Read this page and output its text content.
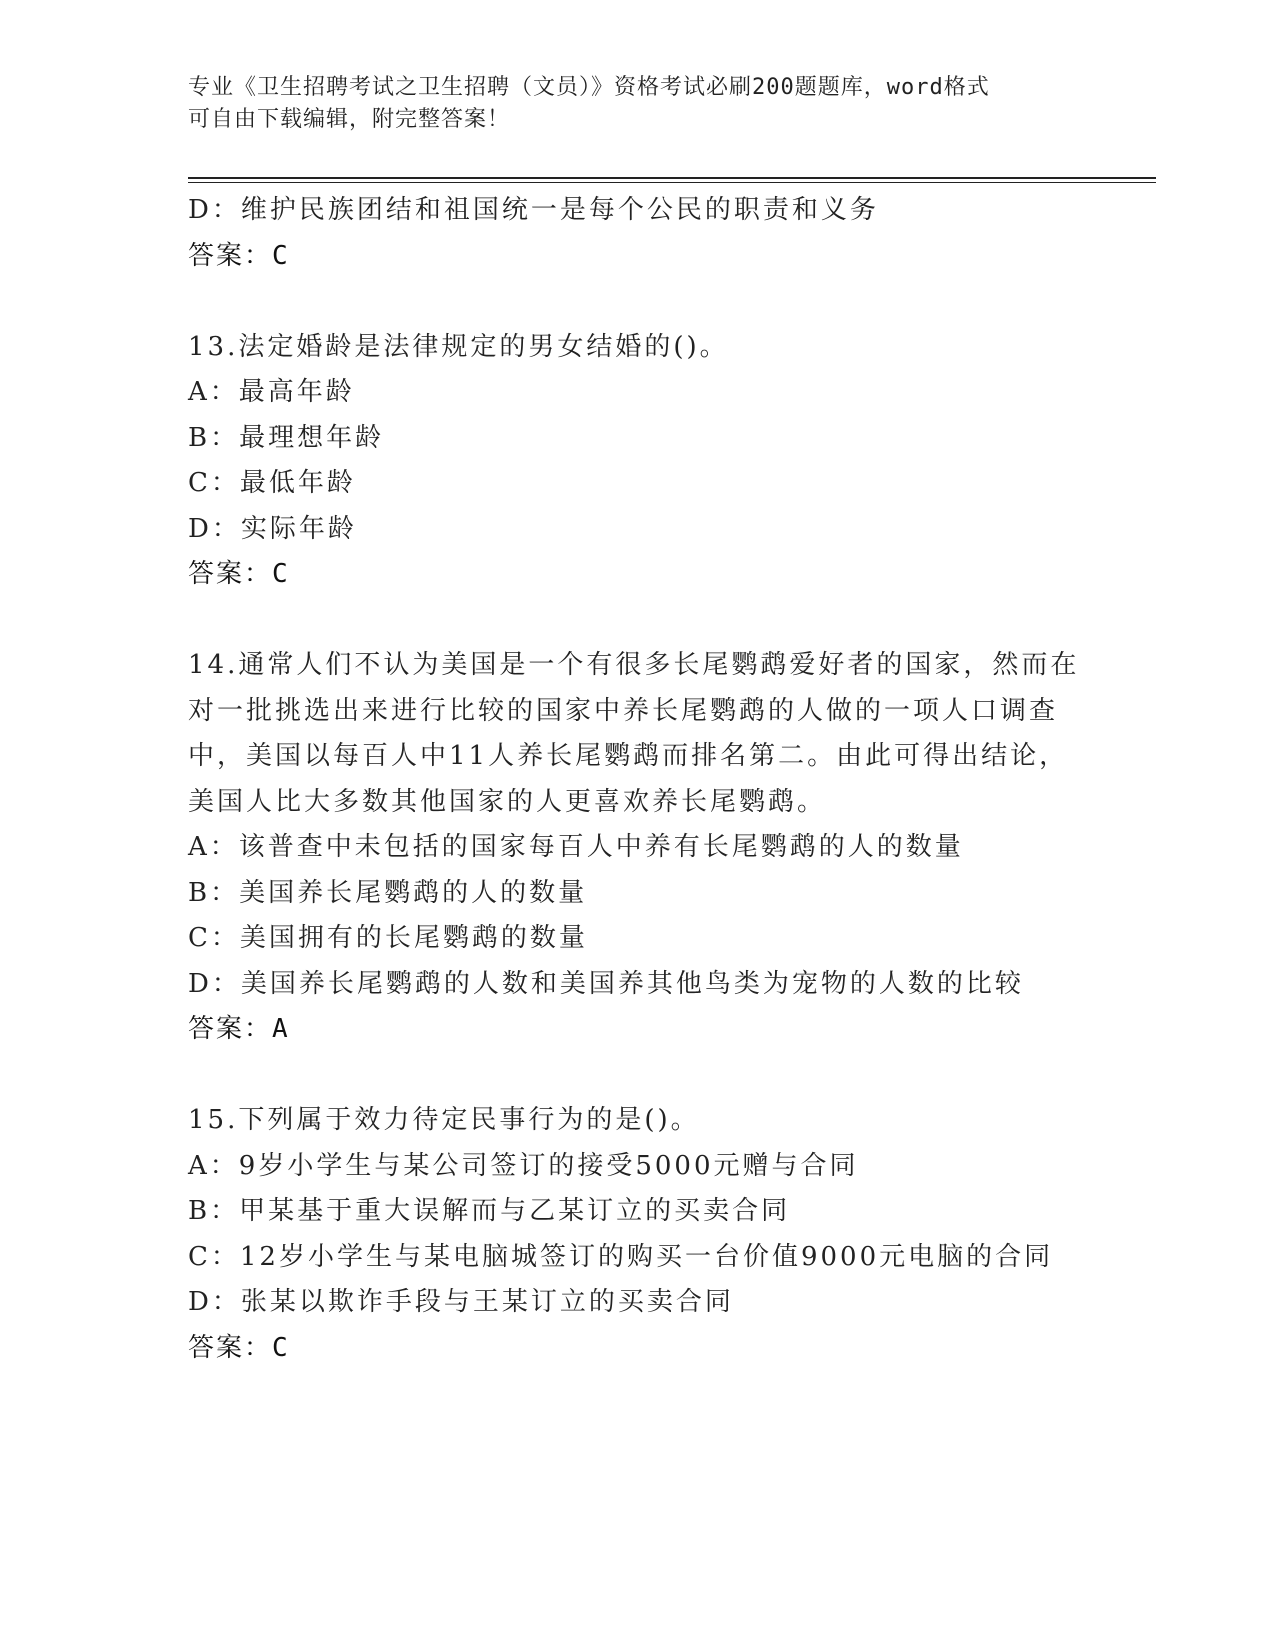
专业《卫生招聘考试之卫生招聘（文员）》资格考试必刷200题题库，word格式
可自由下载编辑，附完整答案！
D：维护民族团结和祖国统一是每个公民的职责和义务
答案：C
13.法定婚龄是法律规定的男女结婚的()。
A：最高年龄
B：最理想年龄
C：最低年龄
D：实际年龄
答案：C
14.通常人们不认为美国是一个有很多长尾鹦鹉爱好者的国家，然而在
对一批挑选出来进行比较的国家中养长尾鹦鹉的人做的一项人口调查
中，美国以每百人中11人养长尾鹦鹉而排名第二。由此可得出结论，
美国人比大多数其他国家的人更喜欢养长尾鹦鹉。
A：该普查中未包括的国家每百人中养有长尾鹦鹉的人的数量
B：美国养长尾鹦鹉的人的数量
C：美国拥有的长尾鹦鹉的数量
D：美国养长尾鹦鹉的人数和美国养其他鸟类为宠物的人数的比较
答案：A
15.下列属于效力待定民事行为的是()。
A：9岁小学生与某公司签订的接受5000元赠与合同
B：甲某基于重大误解而与乙某订立的买卖合同
C：12岁小学生与某电脑城签订的购买一台价值9000元电脑的合同
D：张某以欺诈手段与王某订立的买卖合同
答案：C
